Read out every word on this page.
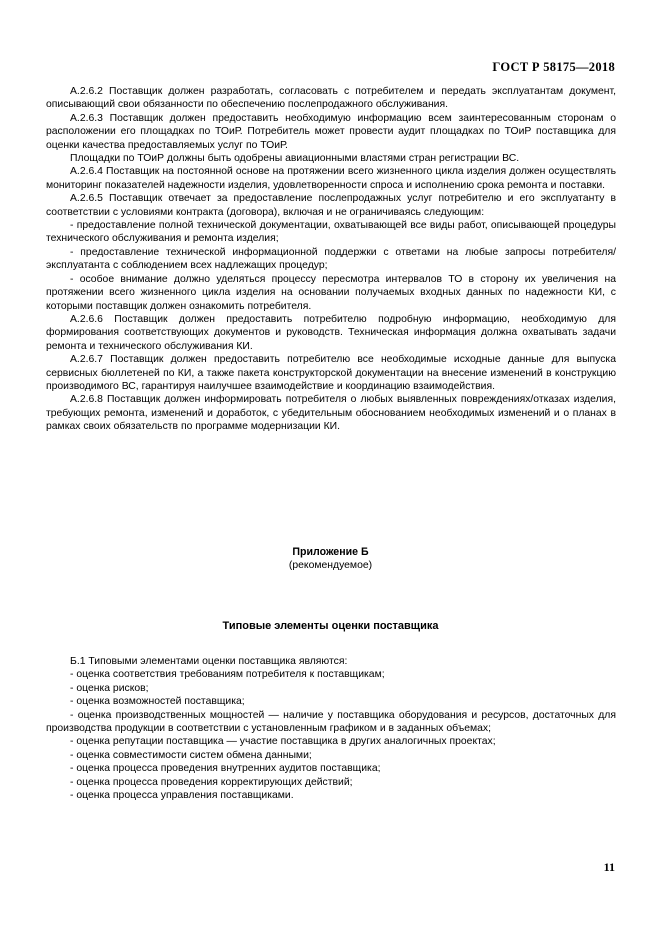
ГОСТ Р 58175—2018

А.2.6.2 Поставщик должен разработать, согласовать с потребителем и передать эксплуатантам документ, описывающий свои обязанности по обеспечению послепродажного обслуживания.

А.2.6.3 Поставщик должен предоставить необходимую информацию всем заинтересованным сторонам о расположении его площадках по ТОиР. Потребитель может провести аудит площадках по ТОиР поставщика для оценки качества предоставляемых услуг по ТОиР.

Площадки по ТОиР должны быть одобрены авиационными властями стран регистрации ВС.

А.2.6.4 Поставщик на постоянной основе на протяжении всего жизненного цикла изделия должен осуществлять мониторинг показателей надежности изделия, удовлетворенности спроса и исполнению срока ремонта и поставки.

А.2.6.5 Поставщик отвечает за предоставление послепродажных услуг потребителю и его эксплуатанту в соответствии с условиями контракта (договора), включая и не ограничиваясь следующим:

- предоставление полной технической документации, охватывающей все виды работ, описывающей процедуры технического обслуживания и ремонта изделия;

- предоставление технической информационной поддержки с ответами на любые запросы потребителя/эксплуатанта с соблюдением всех надлежащих процедур;

- особое внимание должно уделяться процессу пересмотра интервалов ТО в сторону их увеличения на протяжении всего жизненного цикла изделия на основании получаемых входных данных по надежности КИ, с которыми поставщик должен ознакомить потребителя.

А.2.6.6 Поставщик должен предоставить потребителю подробную информацию, необходимую для формирования соответствующих документов и руководств. Техническая информация должна охватывать задачи ремонта и технического обслуживания КИ.

А.2.6.7 Поставщик должен предоставить потребителю все необходимые исходные данные для выпуска сервисных бюллетеней по КИ, а также пакета конструкторской документации на внесение изменений в конструкцию производимого ВС, гарантируя наилучшее взаимодействие и координацию взаимодействия.

А.2.6.8 Поставщик должен информировать потребителя о любых выявленных повреждениях/отказах изделия, требующих ремонта, изменений и доработок, с убедительным обоснованием необходимых изменений и о планах в рамках своих обязательств по программе модернизации КИ.

Приложение Б
(рекомендуемое)
Типовые элементы оценки поставщика

Б.1 Типовыми элементами оценки поставщика являются:

- оценка соответствия требованиям потребителя к поставщикам;

- оценка рисков;

- оценка возможностей поставщика;

- оценка производственных мощностей — наличие у поставщика оборудования и ресурсов, достаточных для производства продукции в соответствии с установленным графиком и в заданных объемах;

- оценка репутации поставщика — участие поставщика в других аналогичных проектах;

- оценка совместимости систем обмена данными;

- оценка процесса проведения внутренних аудитов поставщика;

- оценка процесса проведения корректирующих действий;

- оценка процесса управления поставщиками.

11
